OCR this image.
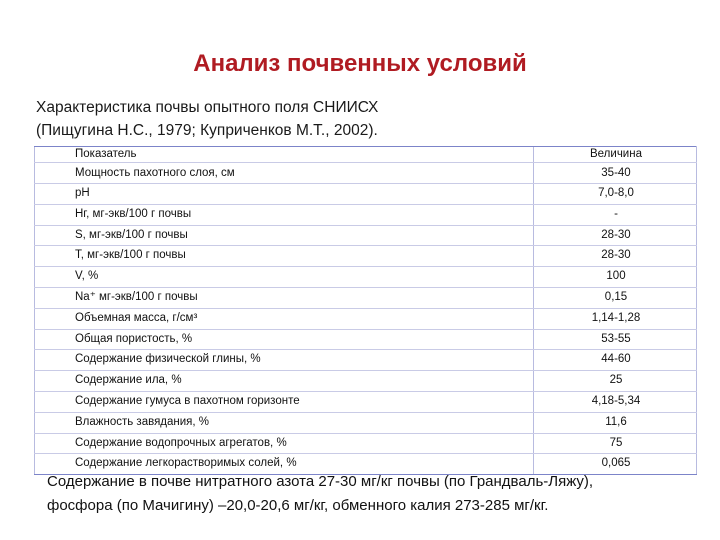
Анализ почвенных условий
Характеристика почвы опытного поля СНИИСХ
(Пищугина Н.С., 1979; Куприченков М.Т., 2002).
Показатель	Величина
Мощность пахотного слоя, см	35-40
рН	7,0-8,0
Нг, мг-экв/100 г почвы	-
S, мг-экв/100 г почвы	28-30
Т, мг-экв/100 г почвы	28-30
V, %	100
Na⁺ мг-экв/100 г почвы	0,15
Объемная масса, г/см³	1,14-1,28
Общая пористость, %	53-55
Содержание физической глины, %	44-60
Содержание ила, %	25
Содержание гумуса в пахотном горизонте	4,18-5,34
Влажность завядания, %	11,6
Содержание водопрочных агрегатов, %	75
Содержание легкорастворимых солей, %	0,065
Содержание в почве нитратного азота 27-30 мг/кг почвы (по Грандваль-Ляжу),
фосфора (по Мачигину) –20,0-20,6 мг/кг, обменного калия 273-285 мг/кг.
